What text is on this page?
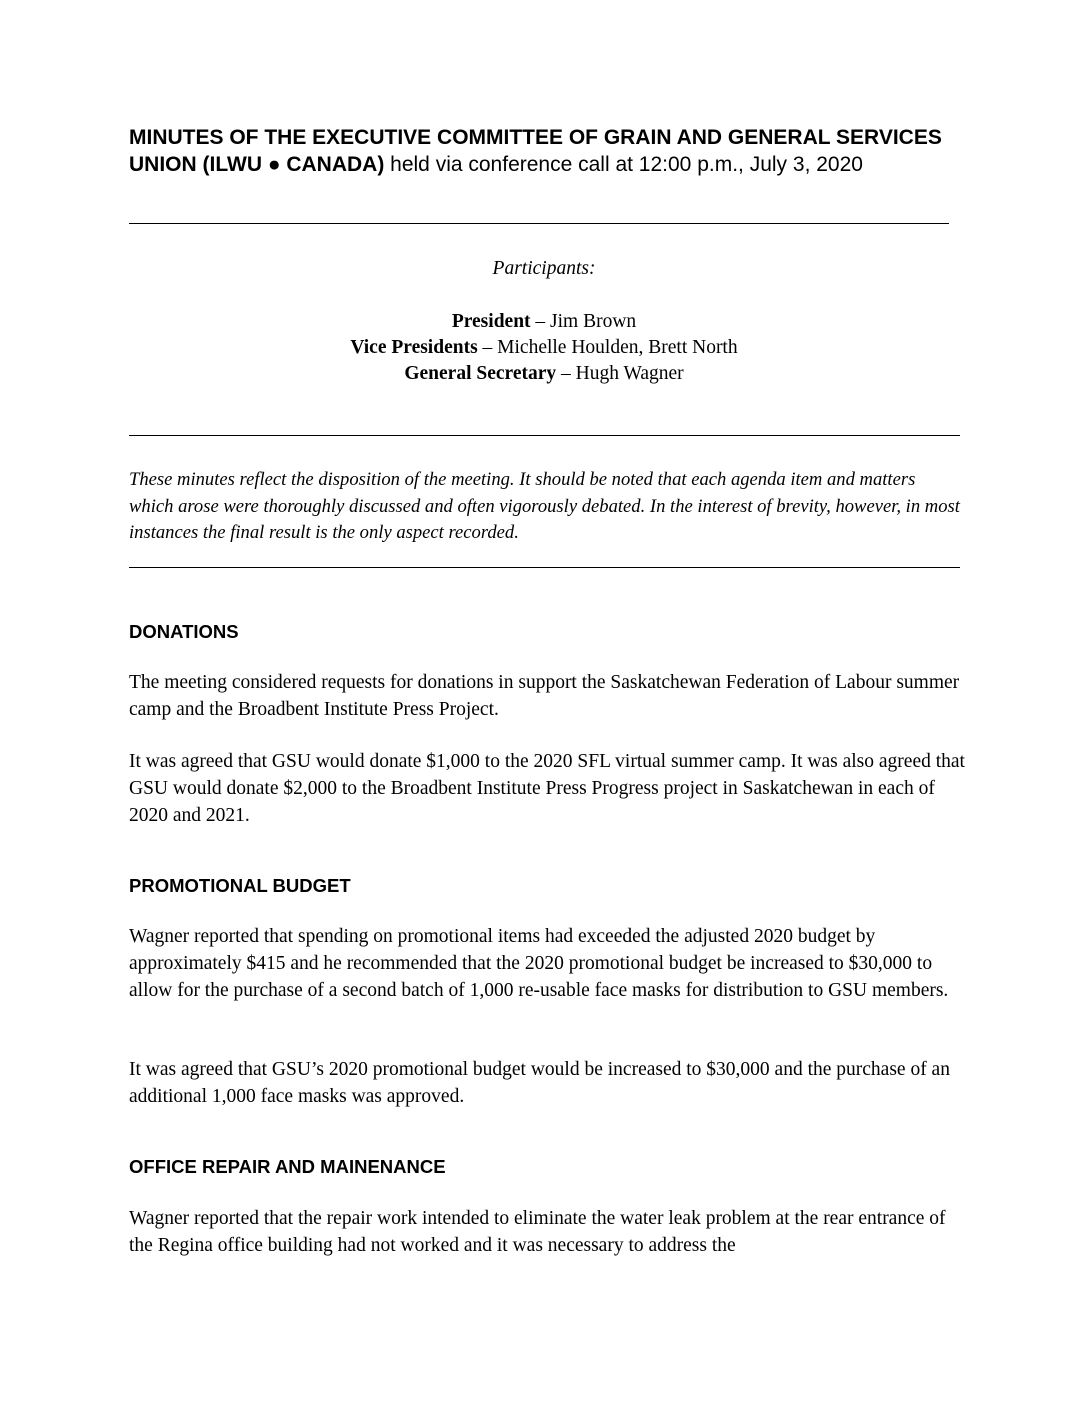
MINUTES OF THE EXECUTIVE COMMITTEE OF GRAIN AND GENERAL SERVICES
UNION (ILWU ● CANADA) held via conference call at 12:00 p.m., July 3, 2020
Participants:
President – Jim Brown
Vice Presidents – Michelle Houlden, Brett North
General Secretary – Hugh Wagner
These minutes reflect the disposition of the meeting. It should be noted that each agenda item and matters which arose were thoroughly discussed and often vigorously debated. In the interest of brevity, however, in most instances the final result is the only aspect recorded.
DONATIONS
The meeting considered requests for donations in support the Saskatchewan Federation of Labour summer camp and the Broadbent Institute Press Project.
It was agreed that GSU would donate $1,000 to the 2020 SFL virtual summer camp. It was also agreed that GSU would donate $2,000 to the Broadbent Institute Press Progress project in Saskatchewan in each of 2020 and 2021.
PROMOTIONAL BUDGET
Wagner reported that spending on promotional items had exceeded the adjusted 2020 budget by approximately $415 and he recommended that the 2020 promotional budget be increased to $30,000 to allow for the purchase of a second batch of 1,000 re-usable face masks for distribution to GSU members.
It was agreed that GSU’s 2020 promotional budget would be increased to $30,000 and the purchase of an additional 1,000 face masks was approved.
OFFICE REPAIR AND MAINENANCE
Wagner reported that the repair work intended to eliminate the water leak problem at the rear entrance of the Regina office building had not worked and it was necessary to address the
